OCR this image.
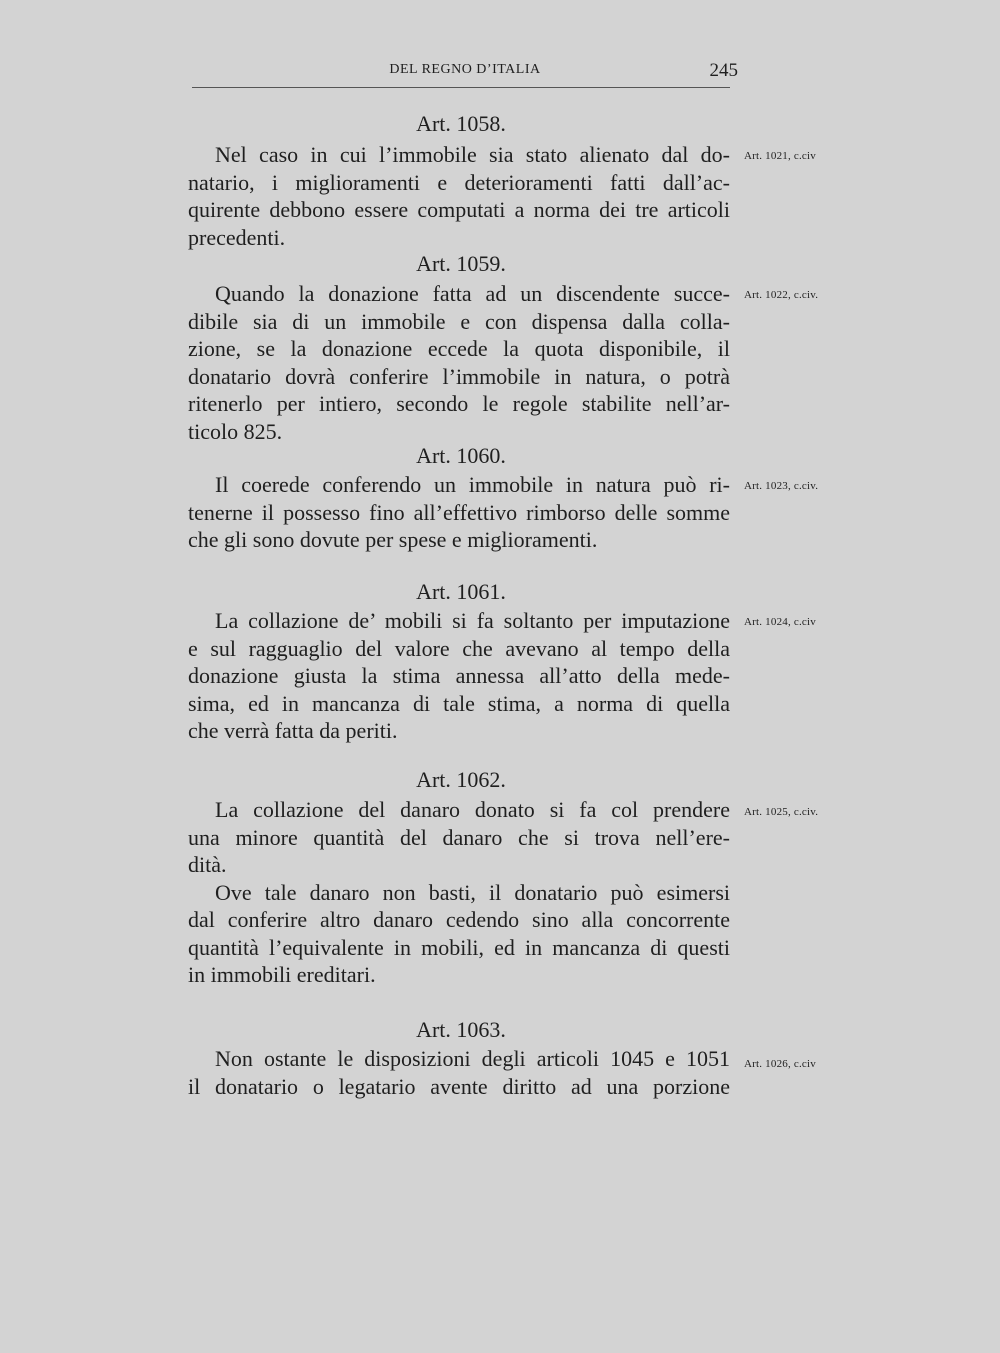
DEL REGNO D’ITALIA	245
Art. 1058.
Art. 1021, c.civ
Nel caso in cui l’immobile sia stato alienato dal do-
natario, i miglioramenti e deterioramenti fatti dall’ac-
quirente debbono essere computati a norma dei tre articoli
precedenti.
Art. 1059.
Art. 1022, c.civ.
Quando la donazione fatta ad un discendente succe-
dibile sia di un immobile e con dispensa dalla colla-
zione, se la donazione eccede la quota disponibile, il
donatario dovrà conferire l’immobile in natura, o potrà
ritenerlo per intiero, secondo le regole stabilite nell’ar-
ticolo 825.
Art. 1060.
Art. 1023, c.civ.
Il coerede conferendo un immobile in natura può ri-
tenerne il possesso fino all’effettivo rimborso delle somme
che gli sono dovute per spese e miglioramenti.
Art. 1061.
Art. 1024, c.civ
La collazione de’ mobili si fa soltanto per imputazione
e sul ragguaglio del valore che avevano al tempo della
donazione giusta la stima annessa all’atto della mede-
sima, ed in mancanza di tale stima, a norma di quella
che verrà fatta da periti.
Art. 1062.
Art. 1025, c.civ.
La collazione del danaro donato si fa col prendere
una minore quantità del danaro che si trova nell’ere-
dità.
Ove tale danaro non basti, il donatario può esimersi
dal conferire altro danaro cedendo sino alla concorrente
quantità l’equivalente in mobili, ed in mancanza di questi
in immobili ereditari.
Art. 1063.
Art. 1026, c.civ
Non ostante le disposizioni degli articoli 1045 e 1051
il donatario o legatario avente diritto ad una porzione
